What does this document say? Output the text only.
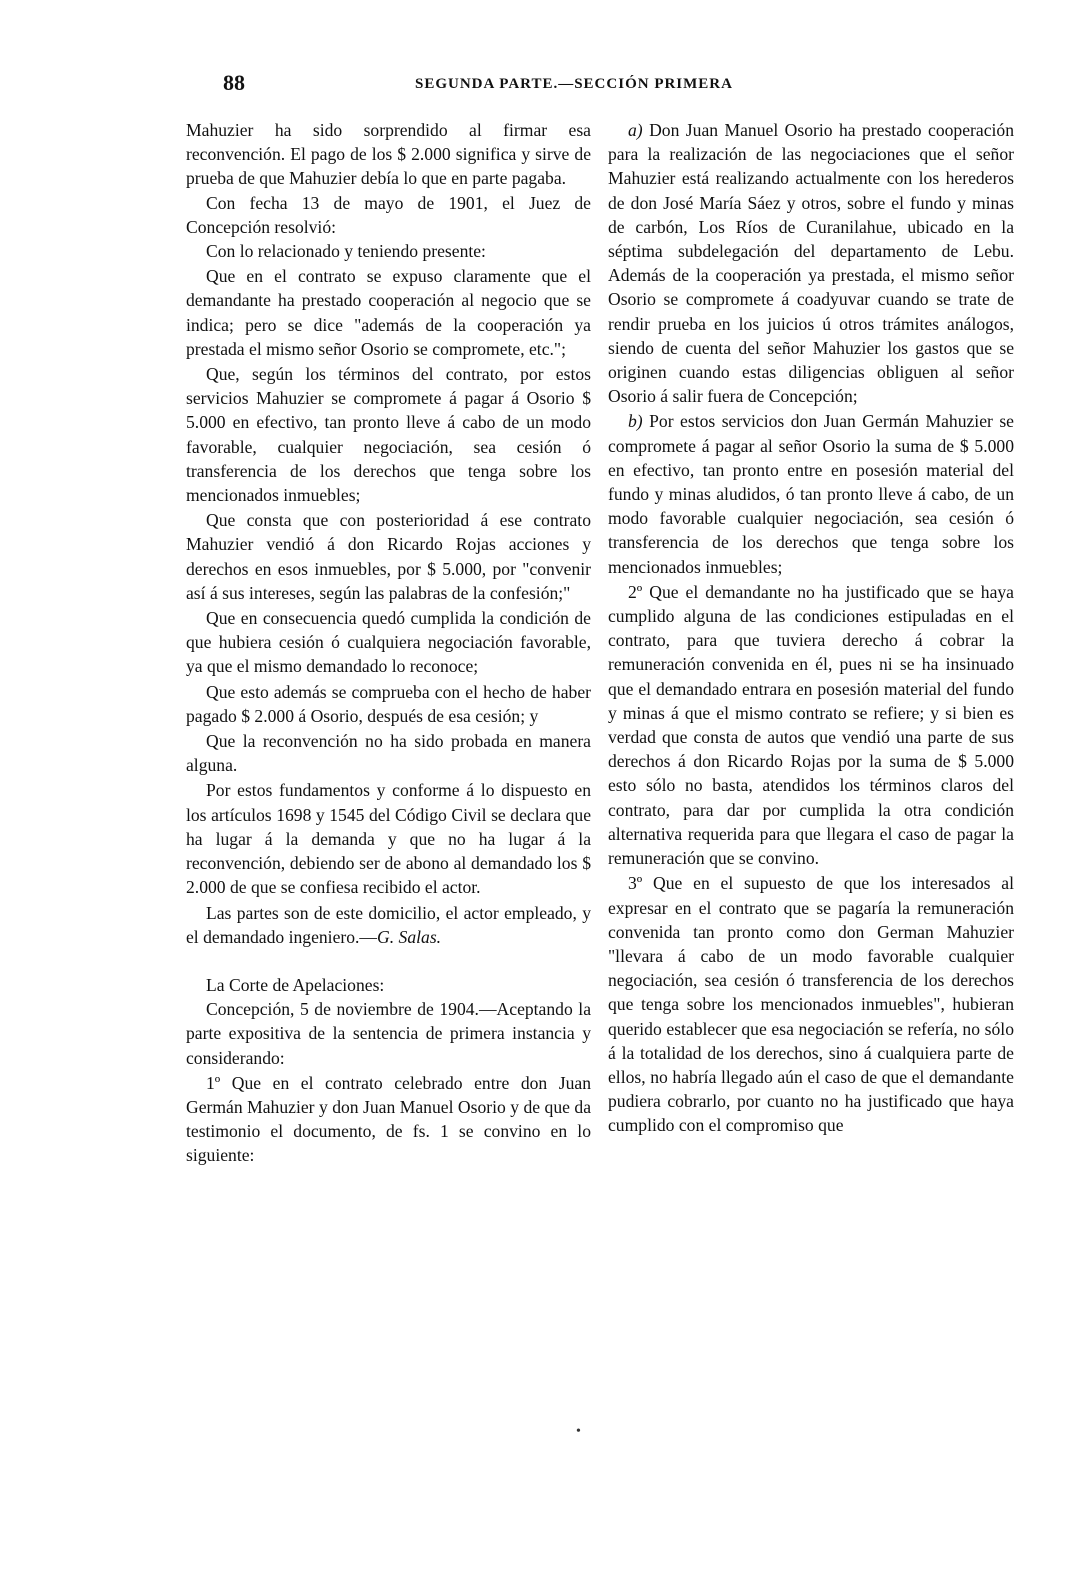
88	SEGUNDA PARTE.—SECCIÓN PRIMERA

Mahuzier ha sido sorprendido al firmar esa reconvención. El pago de los $ 2.000 significa y sirve de prueba de que Mahuzier debía lo que en parte pagaba.

Con fecha 13 de mayo de 1901, el Juez de Concepción resolvió:

Con lo relacionado y teniendo presente:

Que en el contrato se expuso claramente que el demandante ha prestado cooperación al negocio que se indica; pero se dice "además de la cooperación ya prestada el mismo señor Osorio se compromete, etc.";

Que, según los términos del contrato, por estos servicios Mahuzier se compromete á pagar á Osorio $ 5.000 en efectivo, tan pronto lleve á cabo de un modo favorable, cualquier negociación, sea cesión ó transferencia de los derechos que tenga sobre los mencionados inmuebles;

Que consta que con posterioridad á ese contrato Mahuzier vendió á don Ricardo Rojas acciones y derechos en esos inmuebles, por $ 5.000, por "convenir así á sus intereses, según las palabras de la confesión;"

Que en consecuencia quedó cumplida la condición de que hubiera cesión ó cualquiera negociación favorable, ya que el mismo demandado lo reconoce;

Que esto además se comprueba con el hecho de haber pagado $ 2.000 á Osorio, después de esa cesión; y

Que la reconvención no ha sido probada en manera alguna.

Por estos fundamentos y conforme á lo dispuesto en los artículos 1698 y 1545 del Código Civil se declara que ha lugar á la demanda y que no ha lugar á la reconvención, debiendo ser de abono al demandado los $ 2.000 de que se confiesa recibido el actor.

Las partes son de este domicilio, el actor empleado, y el demandado ingeniero.—G. Salas.

La Corte de Apelaciones:

Concepción, 5 de noviembre de 1904.—Aceptando la parte expositiva de la sentencia de primera instancia y considerando:

1º Que en el contrato celebrado entre don Juan Germán Mahuzier y don Juan Manuel Osorio y de que da testimonio el documento, de fs. 1 se convino en lo siguiente:

a) Don Juan Manuel Osorio ha prestado cooperación para la realización de las negociaciones que el señor Mahuzier está realizando actualmente con los herederos de don José María Sáez y otros, sobre el fundo y minas de carbón, Los Ríos de Curanilahue, ubicado en la séptima subdelegación del departamento de Lebu. Además de la cooperación ya prestada, el mismo señor Osorio se compromete á coadyuvar cuando se trate de rendir prueba en los juicios ú otros trámites análogos, siendo de cuenta del señor Mahuzier los gastos que se originen cuando estas diligencias obliguen al señor Osorio á salir fuera de Concepción;

b) Por estos servicios don Juan Germán Mahuzier se compromete á pagar al señor Osorio la suma de $ 5.000 en efectivo, tan pronto entre en posesión material del fundo y minas aludidos, ó tan pronto lleve á cabo, de un modo favorable cualquier negociación, sea cesión ó transferencia de los derechos que tenga sobre los mencionados inmuebles;

2º Que el demandante no ha justificado que se haya cumplido alguna de las condiciones estipuladas en el contrato, para que tuviera derecho á cobrar la remuneración convenida en él, pues ni se ha insinuado que el demandado entrara en posesión material del fundo y minas á que el mismo contrato se refiere; y si bien es verdad que consta de autos que vendió una parte de sus derechos á don Ricardo Rojas por la suma de $ 5.000 esto sólo no basta, atendidos los términos claros del contrato, para dar por cumplida la otra condición alternativa requerida para que llegara el caso de pagar la remuneración que se convino.

3º Que en el supuesto de que los interesados al expresar en el contrato que se pagaría la remuneración convenida tan pronto como don German Mahuzier "llevara á cabo de un modo favorable cualquier negociación, sea cesión ó transferencia de los derechos que tenga sobre los mencionados inmuebles", hubieran querido establecer que esa negociación se refería, no sólo á la totalidad de los derechos, sino á cualquiera parte de ellos, no habría llegado aún el caso de que el demandante pudiera cobrarlo, por cuanto no ha justificado que haya cumplido con el compromiso que

•
